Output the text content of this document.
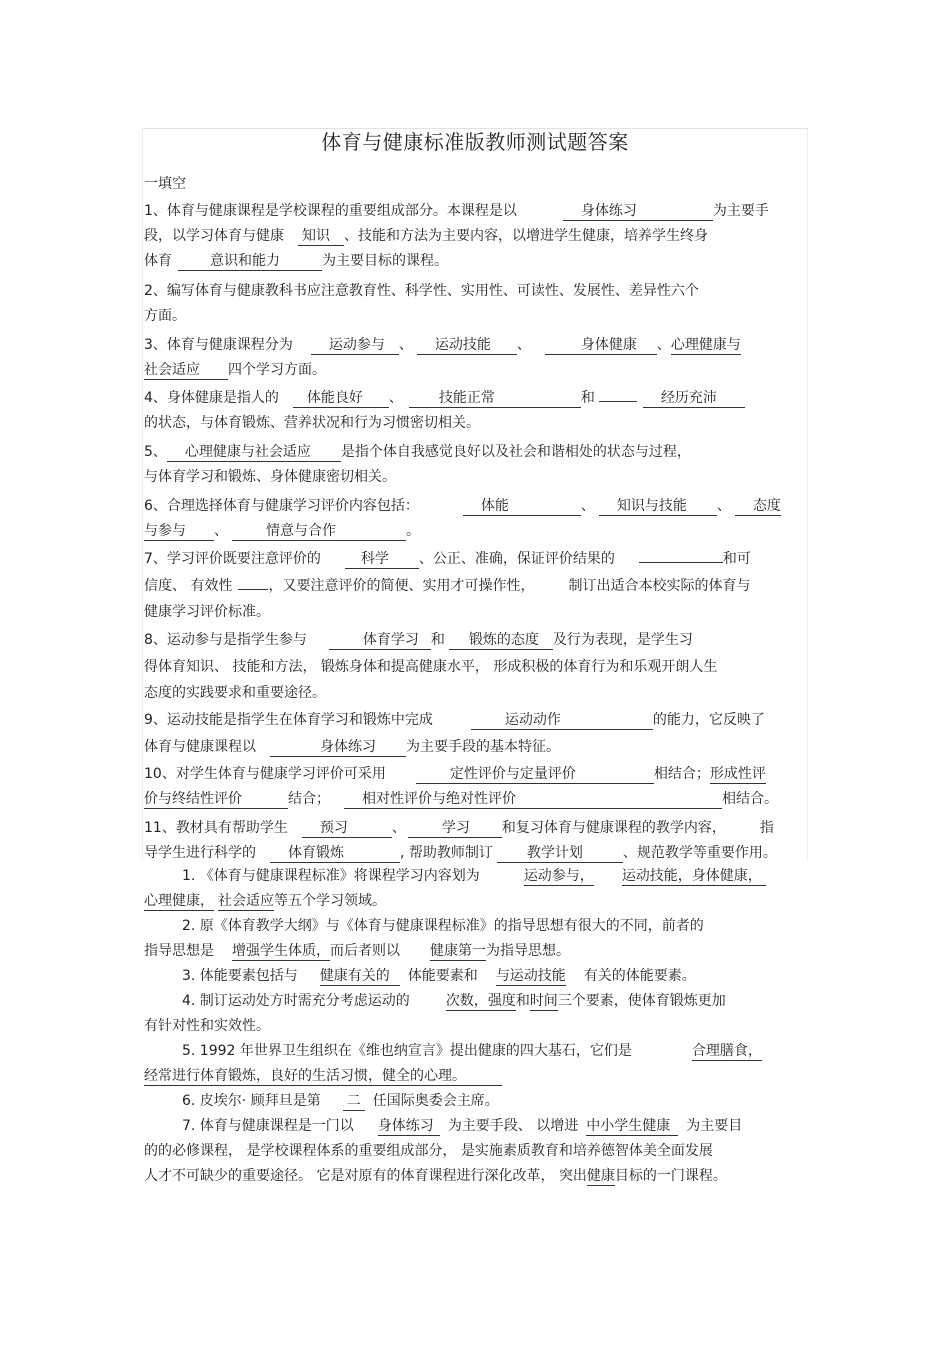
体育与健康标准版教师测试题答案
一填空
1、体育与健康课程是学校课程的重要组成部分。本课程是以	身体练习	为主要手
段，以学习体育与健康 知识 、技能和方法为主要内容，以增进学生健康，培养学生终身
体育	意识和能力	为主要目标的课程。
2、编写体育与健康教科书应注意教育性、科学性、实用性、可读性、发展性、差异性六个
方面。
3、体育与健康课程分为	运动参与 、 运动技能 、	身体健康 、心理健康与
社会适应 四个学习方面。
4、身体健康是指人的 体能良好 、	技能正常	和	经历充沛
的状态，与体育锻炼、营养状况和行为习惯密切相关。
5、 心理健康与社会适应 是指个体自我感觉良好以及社会和谐相处的状态与过程，
与体育学习和锻炼、身体健康密切相关。
6、合理选择体育与健康学习评价内容包括：	体能	、 知识与技能 、 态度
与参与 、	情意与合作	。
7、学习评价既要注意评价的	科学 、公正、准确，保证评价结果的	和可
信度、 有效性	，又要注意评价的简便、实用才可操作性， 制订出适合本校实际的体育与
健康学习评价标准。
8、运动参与是指学生参与	体育学习 和 锻炼的态度 及行为表现，是学生习
得体育知识、 技能和方法， 锻炼身体和提高健康水平， 形成积极的体育行为和乐观开朗人生
态度的实践要求和重要途径。
9、运动技能是指学生在体育学习和锻炼中完成	运动动作	的能力，它反映了
体育与健康课程以	身体练习 为主要手段的基本特征。
10、对学生体育与健康学习评价可采用	定性评价与定量评价	相结合；形成性评
价与终结性评价	结合； 相对性评价与绝对性评价	相结合。
11、教材具有帮助学生 预习	、	学习 和复习体育与健康课程的教学内容， 指
导学生进行科学的 体育锻炼	, 帮助教师制订 教学计划	、规范教学等重要作用。
1. 《体育与健康课程标准》将课程学习内容划为	运动参与， 运动技能，身体健康，
心理健康， 社会适应等五个学习领域。
2. 原《体育教学大纲》与《体育与健康课程标准》的指导思想有很大的不同，前者的
指导思想是 增强学生体质，而后者则以 健康第一为指导思想。
3. 体能要素包括与 健康有关的 体能要素和 与运动技能 有关的体能要素。
4. 制订运动处方时需充分考虑运动的	次数，强度和时间三个要素，使体育锻炼更加
有针对性和实效性。
5. 1992 年世界卫生组织在《维也纳宣言》提出健康的四大基石，它们是	合理膳食，
经常进行体育锻炼，良好的生活习惯，健全的心理。
6. 皮埃尔· 顾拜旦是第 二 任国际奥委会主席。
7. 体育与健康课程是一门以 身体练习 为主要手段、 以增进 中小学生健康 为主要目
的的必修课程， 是学校课程体系的重要组成部分， 是实施素质教育和培养德智体美全面发展
人才不可缺少的重要途径。 它是对原有的体育课程进行深化改革， 突出健康目标的一门课程。
